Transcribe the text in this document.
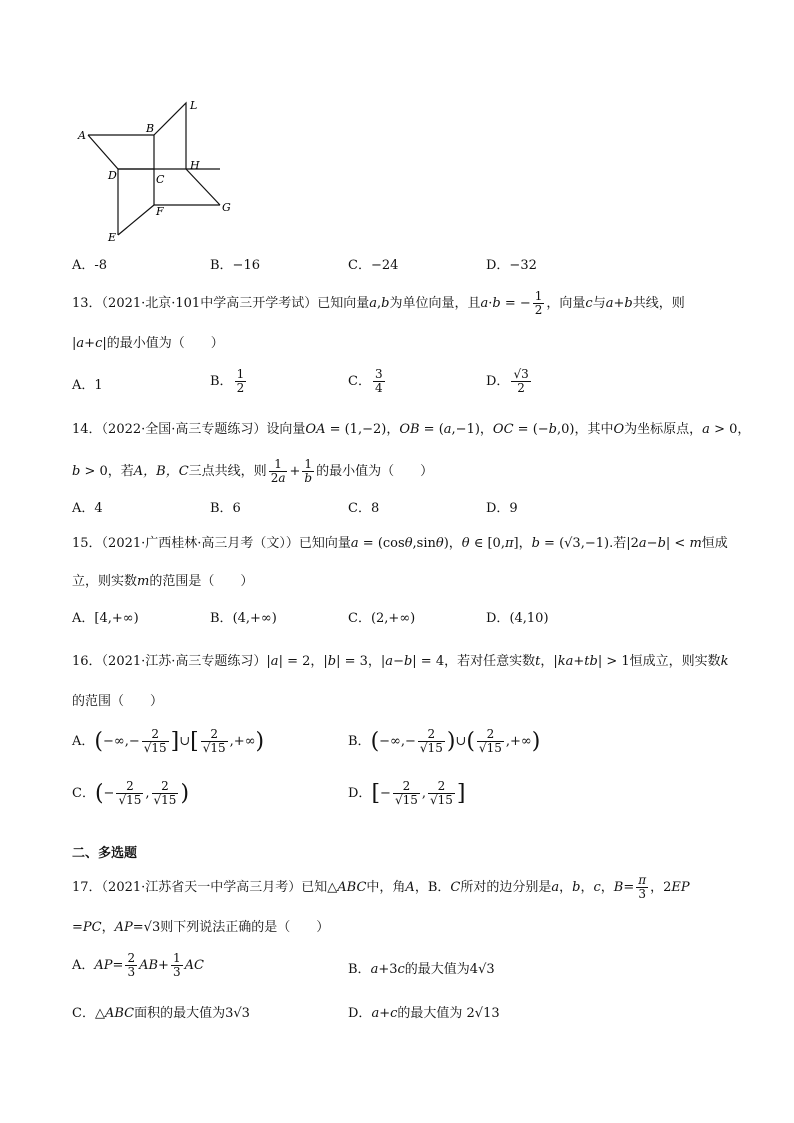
A
B
L
D	C
H
F	G
E
A．-8	B．−16	C．−24	D．−32
13．（2021·北京·101中学高三开学考试）已知向量a,b为单位向量，且a·b = − $\frac{1}{2}$ ，向量c与a+b共线，则
|a+c|的最小值为（　　）
A．1	B． $\frac{1}{2}$	C． $\frac{3}{4}$	D． $\frac{√3}{2}$
14．（2022·全国·高三专题练习）设向量OA = (1,−2)，OB = (a,−1)，OC = (−b,0)，其中O为坐标原点，a > 0，
b > 0，若A，B，C三点共线，则 $\frac{1}{2a} + \frac{1}{b}$ 的最小值为（　　）
A．4	B．6	C．8	D．9
15．（2021·广西桂林·高三月考（文））已知向量a = (cosθ,sinθ)，θ ∈ [0,π]，b = (√3,−1).若|2a−b| < m恒成
立，则实数m的范围是（　　）
A．[4,+∞)	B．(4,+∞)	C．(2,+∞)	D．(4,10)
16．（2021·江苏·高三专题练习）|a| = 2，|b| = 3，|a−b| = 4，若对任意实数t，|ka+tb| > 1恒成立，则实数k
的范围（　　）
A．(−∞,− $\frac{2}{√15}$ ]∪[ $\frac{2}{√15}$ ,+∞)	B．(−∞,− $\frac{2}{√15}$ )∪( $\frac{2}{√15}$ ,+∞)
C．(− $\frac{2}{√15}$ , $\frac{2}{√15}$ )	D．[− $\frac{2}{√15}$ , $\frac{2}{√15}$ ]
二、多选题
17．（2021·江苏省天一中学高三月考）已知△ABC中，角A，B．C所对的边分别是a，b，c，$B= \frac{\pi}{3}$ ，2EP
=PC，AP=√3则下列说法正确的是（　　）
A．$AP= \frac{2}{3} AB+ \frac{1}{3}$ AC	B．a+3c的最大值为4√3
C．△ABC面积的最大值为3√3	D．a+c的最大值为 2√13
